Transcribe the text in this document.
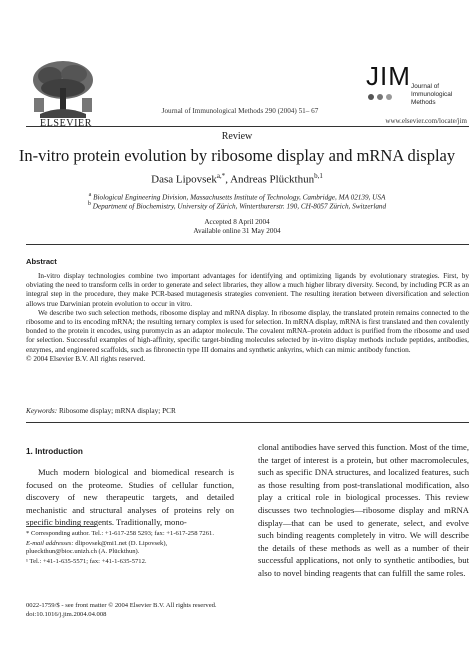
ELSEVIER
Journal of Immunological Methods 290 (2004) 51– 67
JIM Journal of
Immunological Methods
www.elsevier.com/locate/jim
Review
In-vitro protein evolution by ribosome display and mRNA display
Dasa Lipovsek$^{a,*}$, Andreas Plückthun$^{b,1}$
$^a$ Biological Engineering Division, Massachusetts Institute of Technology, Cambridge, MA 02139, USA
$^b$ Department of Biochemistry, University of Zürich, Winterthurerstr. 190, CH-8057 Zürich, Switzerland
Accepted 8 April 2004
Available online 31 May 2004
Abstract

In-vitro display technologies combine two important advantages for identifying and optimizing ligands by evolutionary strategies. First, by obviating the need to transform cells in order to generate and select libraries, they allow a much higher library diversity. Second, by including PCR as an integral step in the procedure, they make PCR-based mutagenesis strategies convenient. The resulting iteration between diversification and selection allows true Darwinian protein evolution to occur in vitro.

We describe two such selection methods, ribosome display and mRNA display. In ribosome display, the translated protein remains connected to the ribosome and to its encoding mRNA; the resulting ternary complex is used for selection. In mRNA display, mRNA is first translated and then covalently bonded to the protein it encodes, using puromycin as an adaptor molecule. The covalent mRNA–protein adduct is purified from the ribosome and used for selection. Successful examples of high-affinity, specific target-binding molecules selected by in-vitro display methods include peptides, antibodies, enzymes, and engineered scaffolds, such as fibronectin type III domains and synthetic ankyrins, which can mimic antibody function.

© 2004 Elsevier B.V. All rights reserved.

Keywords: Ribosome display; mRNA display; PCR

1. Introduction

Much modern biological and biomedical research is focused on the proteome. Studies of cellular function, discovery of new therapeutic targets, and detailed mechanistic and structural analyses of proteins rely on specific binding reagents. Traditionally, mono-

clonal antibodies have served this function. Most of the time, the target of interest is a protein, but other macromolecules, such as specific DNA structures, and localized features, such as those resulting from post-translational modification, also play a critical role in biological processes. This review discusses two technologies—ribosome display and mRNA display—that can be used to generate, select, and evolve such binding reagents completely in vitro. We will describe the details of these methods as well as a number of their successful applications, not only to synthetic antibodies, but also to novel binding reagents that can fulfill the same roles.

* Corresponding author. Tel.: +1-617-258 5293; fax: +1-617-258 7261.

E-mail addresses: dlipovsek@mi1.net (D. Lipovsek), plueckthun@bioc.unizh.ch (A. Plückthun).

¹ Tel.: +41-1-635-5571; fax: +41-1-635-5712.

0022-1759/$ - see front matter © 2004 Elsevier B.V. All rights reserved.
doi:10.1016/j.jim.2004.04.008
